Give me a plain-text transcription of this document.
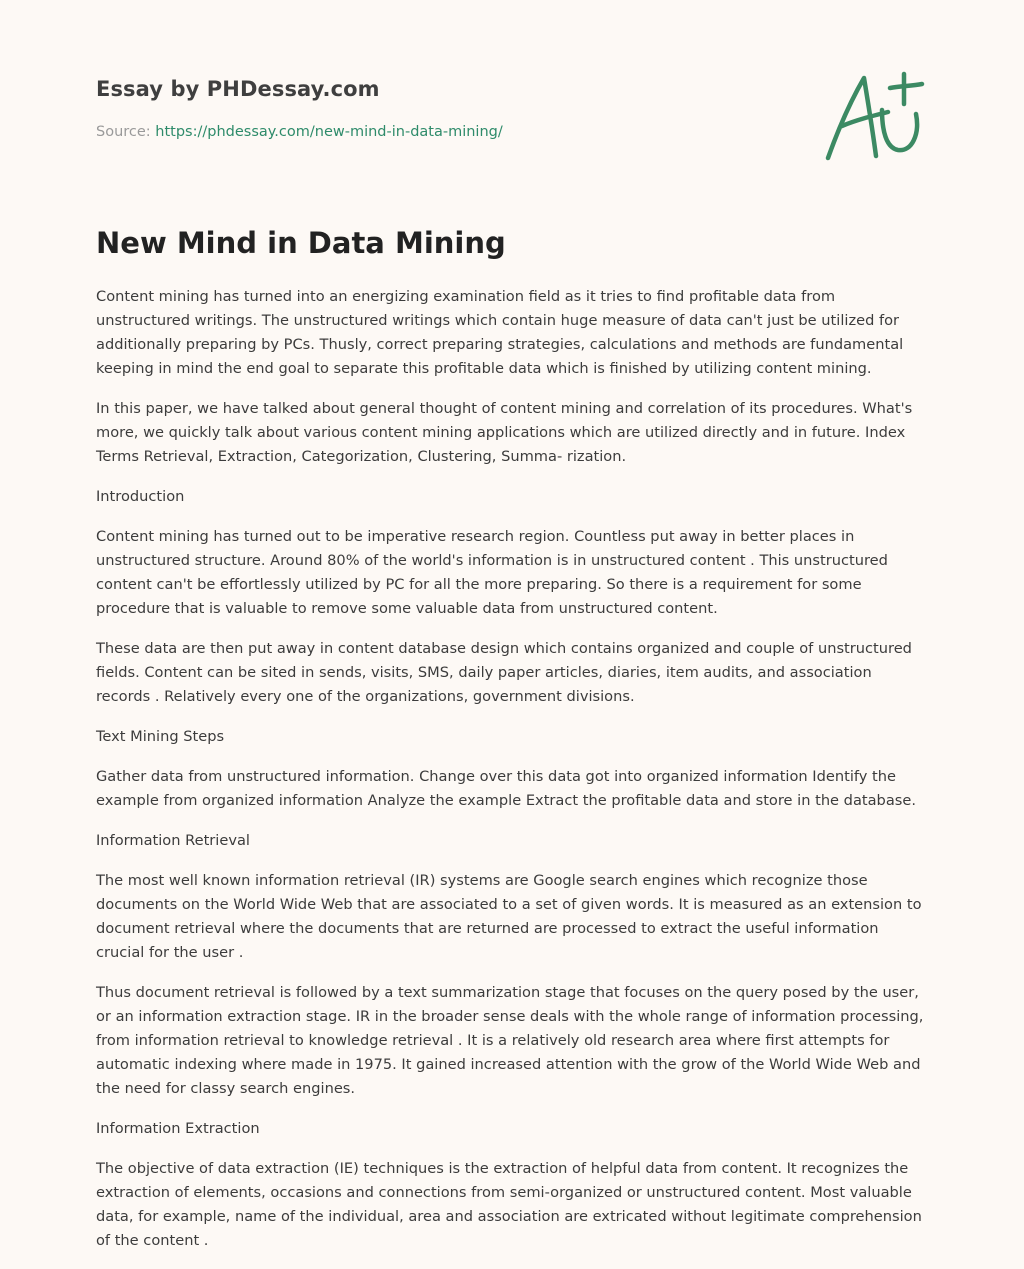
Essay by PHDessay.com
Source: https://phdessay.com/new-mind-in-data-mining/
New Mind in Data Mining

Content mining has turned into an energizing examination field as it tries to find profitable data from unstructured writings. The unstructured writings which contain huge measure of data can't just be utilized for additionally preparing by PCs. Thusly, correct preparing strategies, calculations and methods are fundamental keeping in mind the end goal to separate this profitable data which is finished by utilizing content mining.

In this paper, we have talked about general thought of content mining and correlation of its procedures. What's more, we quickly talk about various content mining applications which are utilized directly and in future. Index Terms Retrieval, Extraction, Categorization, Clustering, Summa- rization.

Introduction

Content mining has turned out to be imperative research region. Countless put away in better places in unstructured structure. Around 80% of the world's information is in unstructured content . This unstructured content can't be effortlessly utilized by PC for all the more preparing. So there is a requirement for some procedure that is valuable to remove some valuable data from unstructured content.

These data are then put away in content database design which contains organized and couple of unstructured fields. Content can be sited in sends, visits, SMS, daily paper articles, diaries, item audits, and association records . Relatively every one of the organizations, government divisions.

Text Mining Steps

Gather data from unstructured information. Change over this data got into organized information Identify the example from organized information Analyze the example Extract the profitable data and store in the database.

Information Retrieval

The most well known information retrieval (IR) systems are Google search engines which recognize those documents on the World Wide Web that are associated to a set of given words. It is measured as an extension to document retrieval where the documents that are returned are processed to extract the useful information crucial for the user .

Thus document retrieval is followed by a text summarization stage that focuses on the query posed by the user, or an information extraction stage. IR in the broader sense deals with the whole range of information processing, from information retrieval to knowledge retrieval . It is a relatively old research area where first attempts for automatic indexing where made in 1975. It gained increased attention with the grow of the World Wide Web and the need for classy search engines.

Information Extraction

The objective of data extraction (IE) techniques is the extraction of helpful data from content. It recognizes the extraction of elements, occasions and connections from semi-organized or unstructured content. Most valuable data, for example, name of the individual, area and association are extricated without legitimate comprehension of the content .
